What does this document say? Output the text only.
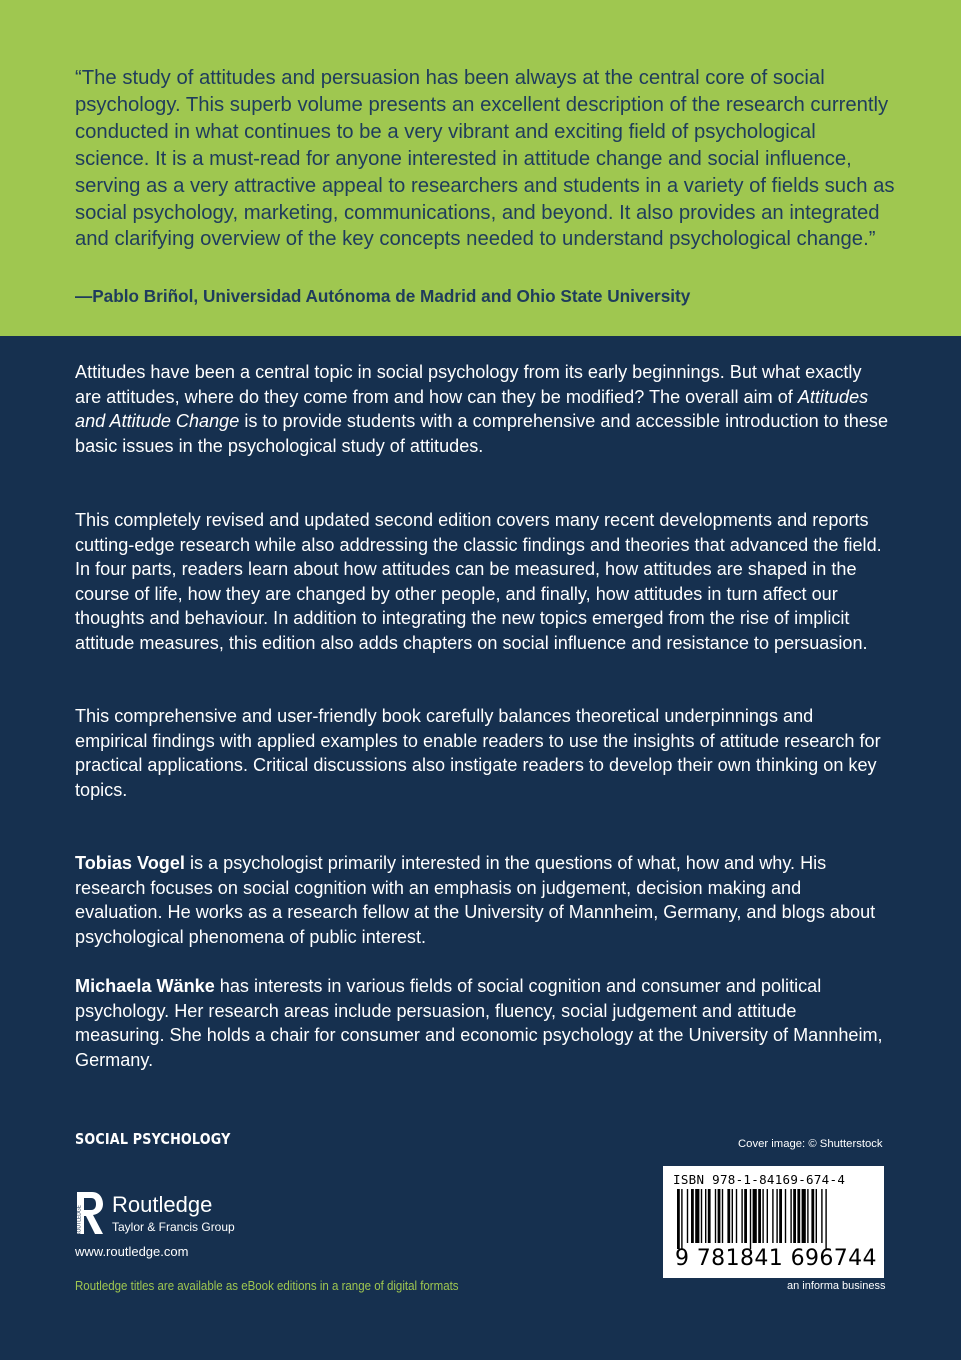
“The study of attitudes and persuasion has been always at the central core of social psychology. This superb volume presents an excellent description of the research currently conducted in what continues to be a very vibrant and exciting field of psychological science. It is a must-read for anyone interested in attitude change and social influence, serving as a very attractive appeal to researchers and students in a variety of fields such as social psychology, marketing, communications, and beyond. It also provides an integrated and clarifying overview of the key concepts needed to understand psychological change.”

—Pablo Briñol, Universidad Autónoma de Madrid and Ohio State University

Attitudes have been a central topic in social psychology from its early beginnings. But what exactly are attitudes, where do they come from and how can they be modified? The overall aim of Attitudes and Attitude Change is to provide students with a comprehensive and accessible introduction to these basic issues in the psychological study of attitudes.

This completely revised and updated second edition covers many recent developments and reports cutting-edge research while also addressing the classic findings and theories that advanced the field. In four parts, readers learn about how attitudes can be measured, how attitudes are shaped in the course of life, how they are changed by other people, and finally, how attitudes in turn affect our thoughts and behaviour. In addition to integrating the new topics emerged from the rise of implicit attitude measures, this edition also adds chapters on social influence and resistance to persuasion.

This comprehensive and user-friendly book carefully balances theoretical underpinnings and empirical findings with applied examples to enable readers to use the insights of attitude research for practical applications. Critical discussions also instigate readers to develop their own thinking on key topics.

Tobias Vogel is a psychologist primarily interested in the questions of what, how and why. His research focuses on social cognition with an emphasis on judgement, decision making and evaluation. He works as a research fellow at the University of Mannheim, Germany, and blogs about psychological phenomena of public interest.

Michaela Wänke has interests in various fields of social cognition and consumer and political psychology. Her research areas include persuasion, fluency, social judgement and attitude measuring. She holds a chair for consumer and economic psychology at the University of Mannheim, Germany.

SOCIAL PSYCHOLOGY	Cover image: © Shutterstock

ROUTLEDGE

Routledge

Taylor & Francis Group

www.routledge.com

Routledge titles are available as eBook editions in a range of digital formats

ISBN 978-1-84169-674-4

9 781841 696744

an informa business
